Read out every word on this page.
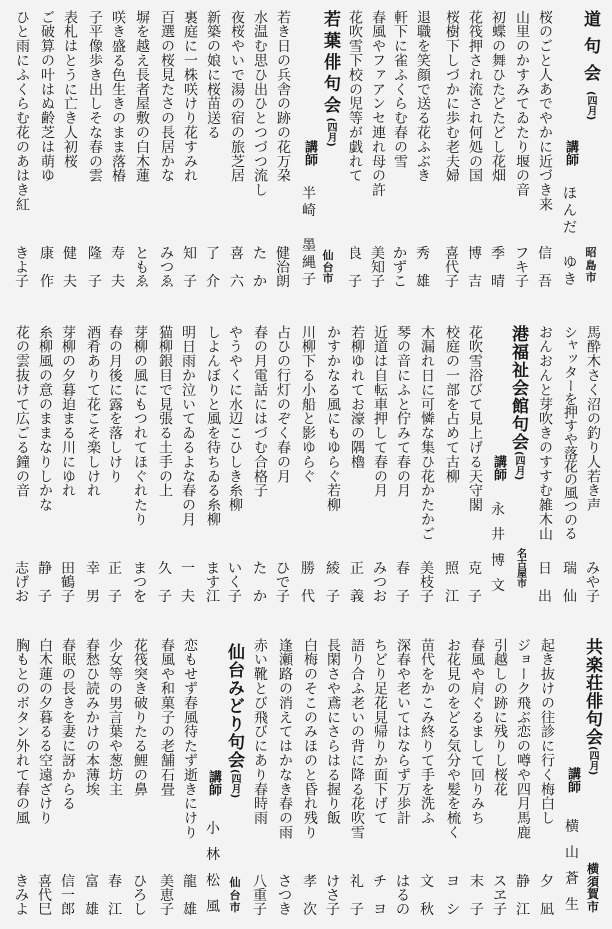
道句会(四月)
昭
島
市
講師
ほ
ん
だ

ゆ
き
桜のごと人あでやかに近づき来
信
吾
山里のかすみてゐたり堰の音
フ
キ
子
初蝶の舞ひたどたどし花畑
季
晴
花筏押され流され何処の国
博
吉
桜樹下しづかに歩む老夫婦
喜
代
子
退職を笑顔で送る花ふぶき
秀
雄
軒下に雀ふくらむ春の雪
か
ず
こ
春風やファアンセ連れ母の許
美
知
子
花吹雪下校の児等が戯れて
良
子
若葉俳句会(四月)
仙
台
市
講師
半
崎

墨
縄
子
若き日の兵舎の跡の花万朶
健
治
朗
水温む思ひ出ひとつづつ流し
た
か
夜桜やいで湯の宿の旅芝居
喜
六
新築の娘に桜苗送る
了
介
裏庭に一株咲けり花すみれ
知
子
百選の桜見たさの長居かな
み
つ
ゑ
塀を越え長者屋敷の白木蓮
と
も
ゑ
咲き盛る色生きのまま落椿
寿
夫
子平像歩き出しそな春の雲
隆
子
表札はとうに亡き人初桜
健
夫
ご破算の叶はぬ齢芝は萌ゆ
康
作
ひと雨にふくらむ花のあはき紅
き
よ
子
馬酔木さく沼の釣り人若き声
み
や
子
シャッターを押すや落花の風つのる
瑞
仙
おんおんと芽吹きのすすむ雑木山
日
出
港福祉会館句会(四月)
名
古
屋
市
講師
永
井
博
文
花吹雪浴びて見上げる天守閣
克
子
校庭の一部を占めて古柳
照
江
木漏れ日に可憐な集ひ花かたかご
美
枝
子
琴の音にふと佇みて春の月
春
子
近道は自転車押して春の月
み
つ
お
若柳ゆれてお濠の隅櫓
正
義
かすかなる風にもゆらぐ若柳
綾
子
川柳下る小船と影ゆらぐ
勝
代
占ひの行灯のぞく春の月
ひ
で
子
春の月電話にはづむ合格子
た
か
やうやくに水辺こひしき糸柳
い
く
子
しよんぼりと風を待ちゐる糸柳
ま
す
江
明日雨か泣いてゐるよな春の月
一
夫
猫柳銀目で見張る土手の上
久
子
芽柳の風にもつれてほぐれたり
ま
つ
を
春の月後に露を落しけり
正
子
酒肴ありて花こそ楽しけれ
幸
男
芽柳の夕暮迫まる川にゆれ
田
鶴
子
糸柳風の意のままなりしかな
静
子
花の雲抜けて広ごる鐘の音
志
げ
お
共楽荘俳句会(四月)
横
須
賀
市
講師
横
山
蒼
生
起き抜けの往診に行く梅白し
夕
凪
ジョーク飛ぶ恋の噂や四月馬鹿
静
江
引越しの跡に残りし桜花
ス
ヱ
子
春風や肩ぐるまして回りみち
末
子
お花見のをどる気分や髪を梳く
ヨ
シ
苗代をかこみ終りて手を洗ふ
文
秋
深春や老いてはならず万歩計
は
る
の
ちどり足花見帰りか面下げて
チ
ヨ
語り合ふ老いの背に降る花吹雪
礼
子
長閑さや鳶にさらはる握り飯
け
さ
子
白梅のそこのみほのと昏れ残り
孝
次
逢瀬路の消えてはかなき春の雨
さ
つ
き
赤い靴とび飛びにあり春時雨
八
重
子
仙台みどり句会(四月)
仙
台
市
講師
小
林
松
風
恋もせず春風待たず逝きにけり
龍
雄
春風や和菓子の老舗石畳
美
恵
子
花筏突き破りたる鯉の鼻
ひ
ろ
し
少女等の男言葉や葱坊主
春
江
春愁ひ読みかけの本薄埃
富
雄
春眠の長きを妻に訝からる
信
一
郎
白木蓮の夕暮るる空遠ざけり
喜
代
巳
胸もとのボタン外れて春の風
き
み
よ
